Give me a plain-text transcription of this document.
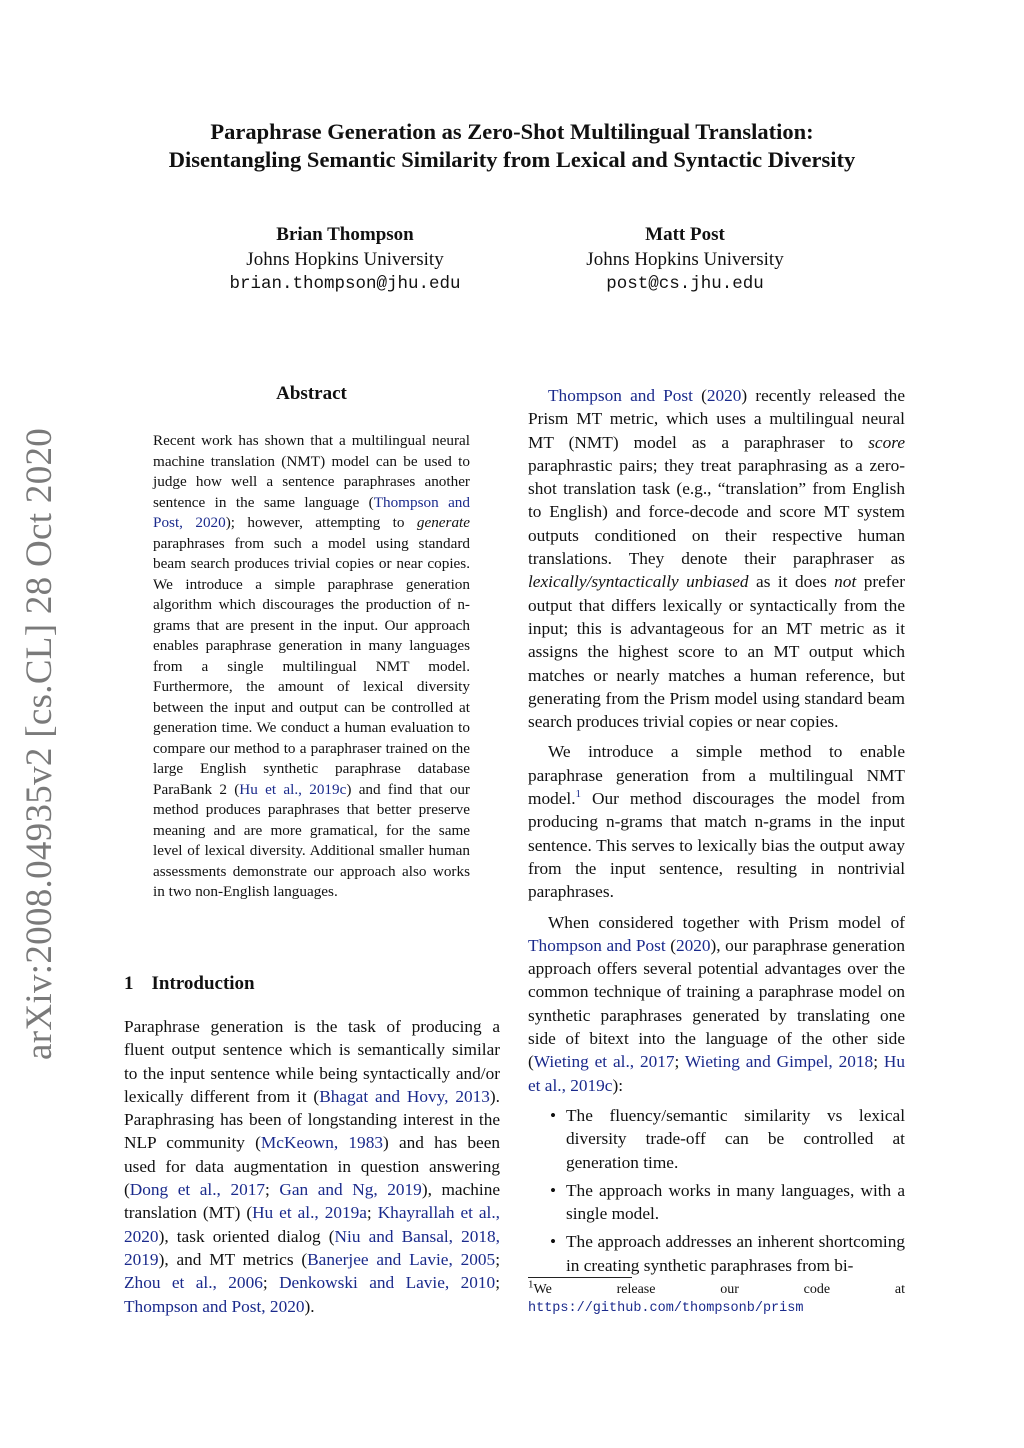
arXiv:2008.04935v2 [cs.CL] 28 Oct 2020
Paraphrase Generation as Zero-Shot Multilingual Translation:
Disentangling Semantic Similarity from Lexical and Syntactic Diversity
Brian Thompson
Johns Hopkins University
brian.thompson@jhu.edu
Matt Post
Johns Hopkins University
post@cs.jhu.edu
Abstract
Recent work has shown that a multilingual neural machine translation (NMT) model can be used to judge how well a sentence paraphrases another sentence in the same language (Thompson and Post, 2020); however, attempting to generate paraphrases from such a model using standard beam search produces trivial copies or near copies. We introduce a simple paraphrase generation algorithm which discourages the production of n-grams that are present in the input. Our approach enables paraphrase generation in many languages from a single multilingual NMT model. Furthermore, the amount of lexical diversity between the input and output can be controlled at generation time. We conduct a human evaluation to compare our method to a paraphraser trained on the large English synthetic paraphrase database ParaBank 2 (Hu et al., 2019c) and find that our method produces paraphrases that better preserve meaning and are more gramatical, for the same level of lexical diversity. Additional smaller human assessments demonstrate our approach also works in two non-English languages.
1 Introduction
Paraphrase generation is the task of producing a fluent output sentence which is semantically similar to the input sentence while being syntactically and/or lexically different from it (Bhagat and Hovy, 2013). Paraphrasing has been of longstanding interest in the NLP community (McKeown, 1983) and has been used for data augmentation in question answering (Dong et al., 2017; Gan and Ng, 2019), machine translation (MT) (Hu et al., 2019a; Khayrallah et al., 2020), task oriented dialog (Niu and Bansal, 2018, 2019), and MT metrics (Banerjee and Lavie, 2005; Zhou et al., 2006; Denkowski and Lavie, 2010; Thompson and Post, 2020).

Thompson and Post (2020) recently released the Prism MT metric, which uses a multilingual neural MT (NMT) model as a paraphraser to score paraphrastic pairs; they treat paraphrasing as a zero-shot translation task (e.g., “translation” from English to English) and force-decode and score MT system outputs conditioned on their respective human translations. They denote their paraphraser as lexically/syntactically unbiased as it does not prefer output that differs lexically or syntactically from the input; this is advantageous for an MT metric as it assigns the highest score to an MT output which matches or nearly matches a human reference, but generating from the Prism model using standard beam search produces trivial copies or near copies.

We introduce a simple method to enable paraphrase generation from a multilingual NMT model.$^1$ Our method discourages the model from producing n-grams that match n-grams in the input sentence. This serves to lexically bias the output away from the input sentence, resulting in nontrivial paraphrases.

When considered together with Prism model of Thompson and Post (2020), our paraphrase generation approach offers several potential advantages over the common technique of training a paraphrase model on synthetic paraphrases generated by translating one side of bitext into the language of the other side (Wieting et al., 2017; Wieting and Gimpel, 2018; Hu et al., 2019c):

• The fluency/semantic similarity vs lexical diversity trade-off can be controlled at generation time.
• The approach works in many languages, with a single model.
• The approach addresses an inherent shortcoming in creating synthetic paraphrases from bi-
$^1$We release our code at https://github.com/thompsonb/prism
